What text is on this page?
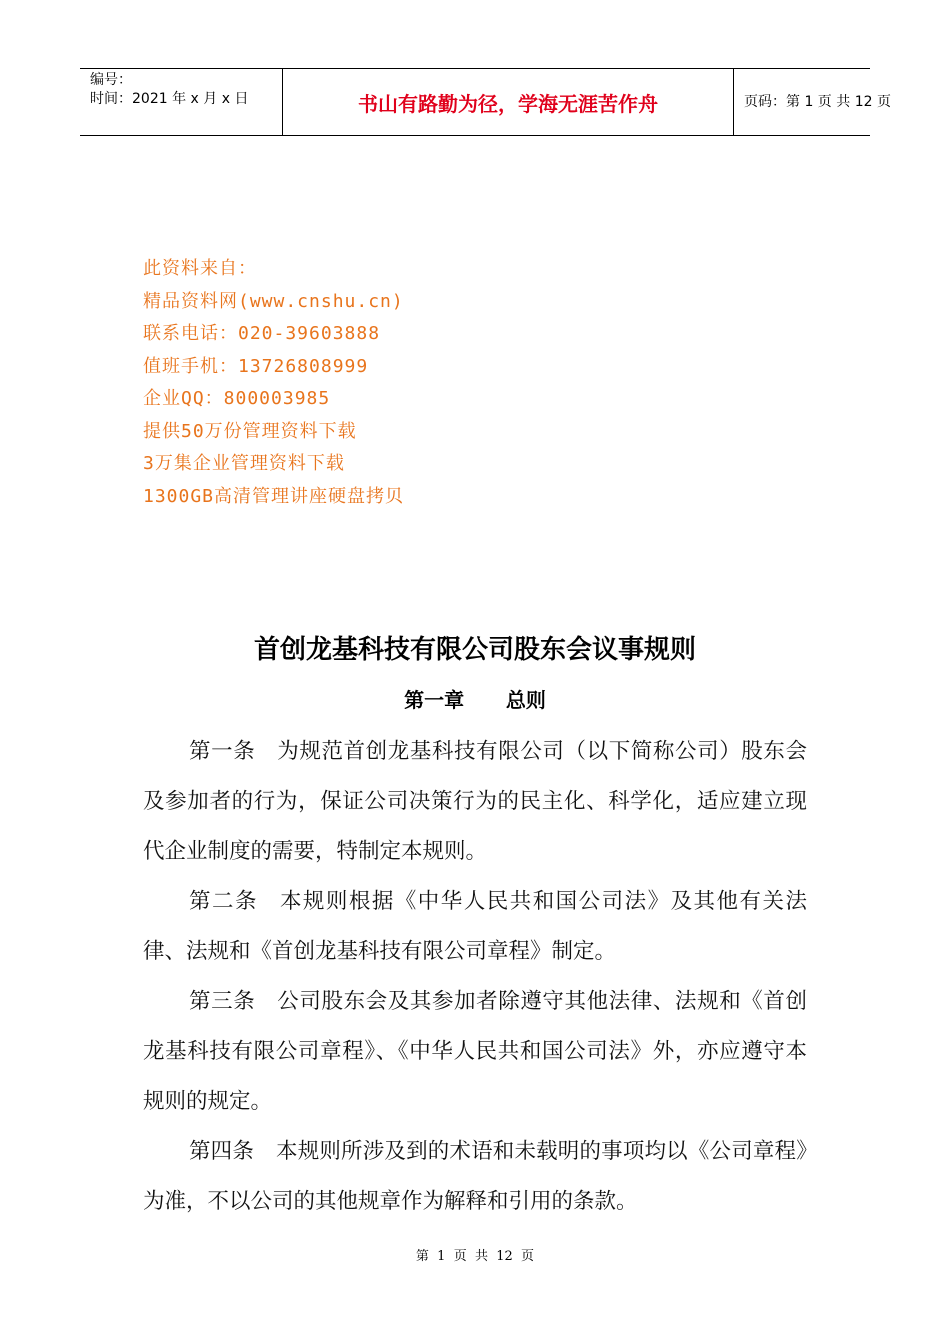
编号：
时间：2021 年 x 月 x 日	书山有路勤为径，学海无涯苦作舟	页码：第 1 页 共 12 页
此资料来自：
精品资料网(www.cnshu.cn)
联系电话：020-39603888
值班手机：13726808999
企业QQ：800003985
提供50万份管理资料下载
3万集企业管理资料下载
1300GB高清管理讲座硬盘拷贝
首创龙基科技有限公司股东会议事规则
第一章      总则

第一条 为规范首创龙基科技有限公司（以下简称公司）股东会及参加者的行为，保证公司决策行为的民主化、科学化，适应建立现代企业制度的需要，特制定本规则。

第二条 本规则根据《中华人民共和国公司法》及其他有关法律、法规和《首创龙基科技有限公司章程》制定。

第三条 公司股东会及其参加者除遵守其他法律、法规和《首创龙基科技有限公司章程》、《中华人民共和国公司法》外，亦应遵守本规则的规定。

第四条 本规则所涉及到的术语和未载明的事项均以《公司章程》为准，不以公司的其他规章作为解释和引用的条款。

第  1  页  共  12  页
